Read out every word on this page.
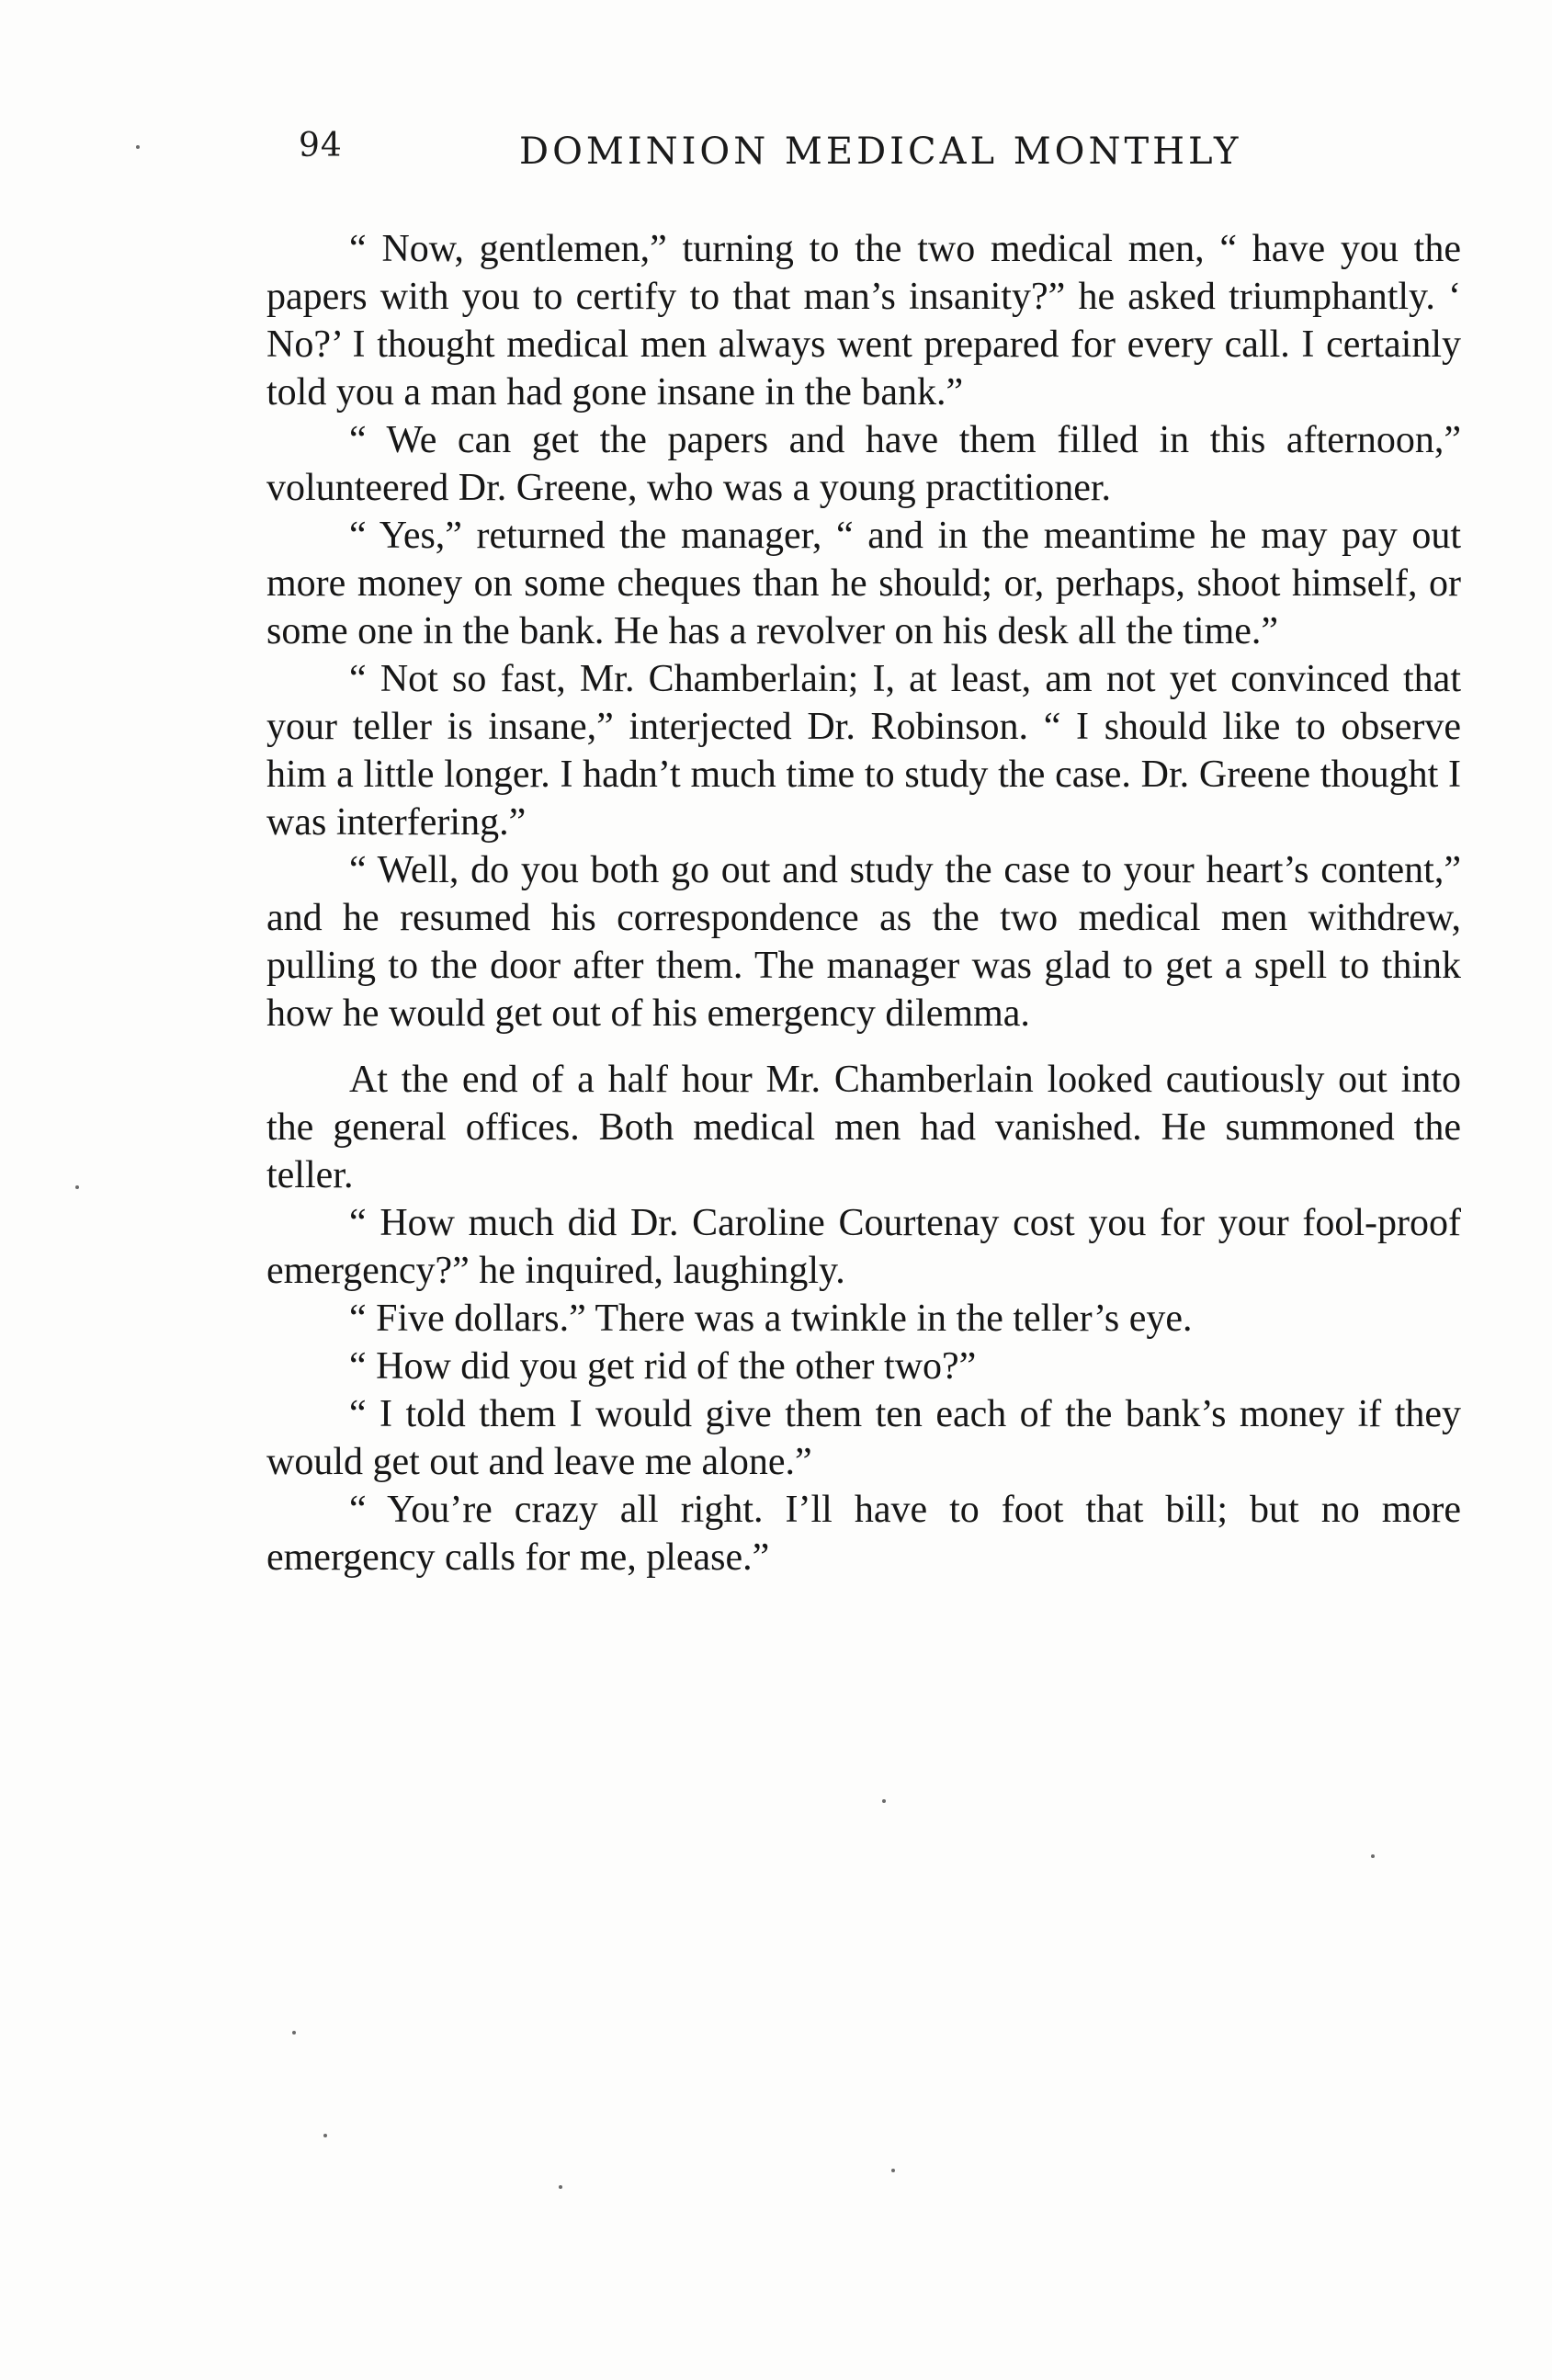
94	DOMINION MEDICAL MONTHLY

“ Now, gentlemen,” turning to the two medical men, “ have you the papers with you to certify to that man’s insanity?” he asked triumphantly. ‘ No?’ I thought medical men always went prepared for every call. I certainly told you a man had gone insane in the bank.”

“ We can get the papers and have them filled in this afternoon,” volunteered Dr. Greene, who was a young practitioner.

“ Yes,” returned the manager, “ and in the meantime he may pay out more money on some cheques than he should; or, perhaps, shoot himself, or some one in the bank. He has a revolver on his desk all the time.”

“ Not so fast, Mr. Chamberlain; I, at least, am not yet convinced that your teller is insane,” interjected Dr. Robinson. “ I should like to observe him a little longer. I hadn’t much time to study the case. Dr. Greene thought I was interfering.”

“ Well, do you both go out and study the case to your heart’s content,” and he resumed his correspondence as the two medical men withdrew, pulling to the door after them. The manager was glad to get a spell to think how he would get out of his emergency dilemma.

At the end of a half hour Mr. Chamberlain looked cautiously out into the general offices. Both medical men had vanished. He summoned the teller.

“ How much did Dr. Caroline Courtenay cost you for your fool-proof emergency?” he inquired, laughingly.

“ Five dollars.” There was a twinkle in the teller’s eye.

“ How did you get rid of the other two?”

“ I told them I would give them ten each of the bank’s money if they would get out and leave me alone.”

“ You’re crazy all right. I’ll have to foot that bill; but no more emergency calls for me, please.”
